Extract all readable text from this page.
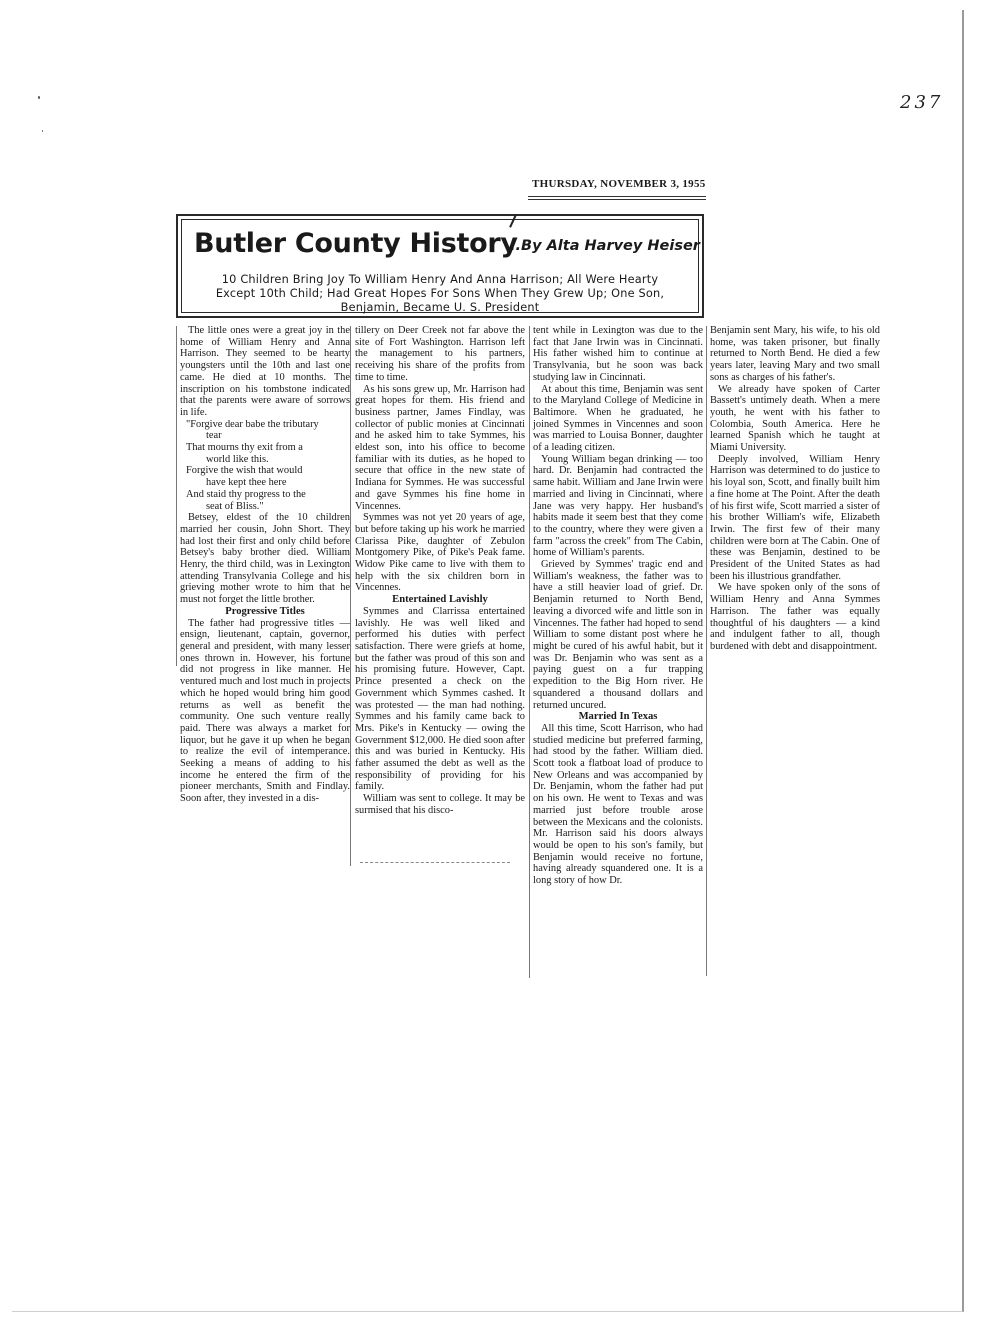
237
THURSDAY, NOVEMBER 3, 1955
Butler County History
..By Alta Harvey Heiser
10 Children Bring Joy To William Henry And Anna Harrison; All Were Hearty Except 10th Child; Had Great Hopes For Sons When They Grew Up; One Son, Benjamin, Became U. S. President

The little ones were a great joy in the home of William Henry and Anna Harrison. They seemed to be hearty youngsters until the 10th and last one came. He died at 10 months. The inscription on his tombstone indicated that the parents were aware of sorrows in life.

"Forgive dear babe the tributary
tear
That mourns thy exit from a
world like this.
Forgive the wish that would
have kept thee here
And staid thy progress to the
seat of Bliss."

Betsey, eldest of the 10 children married her cousin, John Short. They had lost their first and only child before Betsey's baby brother died. William Henry, the third child, was in Lexington attending Transylvania College and his grieving mother wrote to him that he must not forget the little brother.

Progressive Titles

The father had progressive titles — ensign, lieutenant, captain, governor, general and president, with many lesser ones thrown in. However, his fortune did not progress in like manner. He ventured much and lost much in projects which he hoped would bring him good returns as well as benefit the community. One such venture really paid. There was always a market for liquor, but he gave it up when he began to realize the evil of intemperance. Seeking a means of adding to his income he entered the firm of the pioneer merchants, Smith and Findlay. Soon after, they invested in a dis-

tillery on Deer Creek not far above the site of Fort Washington. Harrison left the management to his partners, receiving his share of the profits from time to time.

As his sons grew up, Mr. Harrison had great hopes for them. His friend and business partner, James Findlay, was collector of public monies at Cincinnati and he asked him to take Symmes, his eldest son, into his office to become familiar with its duties, as he hoped to secure that office in the new state of Indiana for Symmes. He was successful and gave Symmes his fine home in Vincennes.

Symmes was not yet 20 years of age, but before taking up his work he married Clarissa Pike, daughter of Zebulon Montgomery Pike, of Pike's Peak fame. Widow Pike came to live with them to help with the six children born in Vincennes.

Entertained Lavishly

Symmes and Clarrissa entertained lavishly. He was well liked and performed his duties with perfect satisfaction. There were griefs at home, but the father was proud of this son and his promising future. However, Capt. Prince presented a check on the Government which Symmes cashed. It was protested — the man had nothing. Symmes and his family came back to Mrs. Pike's in Kentucky — owing the Government $12,000. He died soon after this and was buried in Kentucky. His father assumed the debt as well as the responsibility of providing for his family.

William was sent to college. It may be surmised that his disco-

tent while in Lexington was due to the fact that Jane Irwin was in Cincinnati. His father wished him to continue at Transylvania, but he soon was back studying law in Cincinnati.

At about this time, Benjamin was sent to the Maryland College of Medicine in Baltimore. When he graduated, he joined Symmes in Vincennes and soon was married to Louisa Bonner, daughter of a leading citizen.

Young William began drinking — too hard. Dr. Benjamin had contracted the same habit. William and Jane Irwin were married and living in Cincinnati, where Jane was very happy. Her husband's habits made it seem best that they come to the country, where they were given a farm "across the creek" from The Cabin, home of William's parents.

Grieved by Symmes' tragic end and William's weakness, the father was to have a still heavier load of grief. Dr. Benjamin returned to North Bend, leaving a divorced wife and little son in Vincennes. The father had hoped to send William to some distant post where he might be cured of his awful habit, but it was Dr. Benjamin who was sent as a paying guest on a fur trapping expedition to the Big Horn river. He squandered a thousand dollars and returned uncured.

Married In Texas

All this time, Scott Harrison, who had studied medicine but preferred farming, had stood by the father. William died. Scott took a flatboat load of produce to New Orleans and was accompanied by Dr. Benjamin, whom the father had put on his own. He went to Texas and was married just before trouble arose between the Mexicans and the colonists. Mr. Harrison said his doors always would be open to his son's family, but Benjamin would receive no fortune, having already squandered one. It is a long story of how Dr.

Benjamin sent Mary, his wife, to his old home, was taken prisoner, but finally returned to North Bend. He died a few years later, leaving Mary and two small sons as charges of his father's.

We already have spoken of Carter Bassett's untimely death. When a mere youth, he went with his father to Colombia, South America. Here he learned Spanish which he taught at Miami University.

Deeply involved, William Henry Harrison was determined to do justice to his loyal son, Scott, and finally built him a fine home at The Point. After the death of his first wife, Scott married a sister of his brother William's wife, Elizabeth Irwin. The first few of their many children were born at The Cabin. One of these was Benjamin, destined to be President of the United States as had been his illustrious grandfather.

We have spoken only of the sons of William Henry and Anna Symmes Harrison. The father was equally thoughtful of his daughters — a kind and indulgent father to all, though burdened with debt and disappointment.
